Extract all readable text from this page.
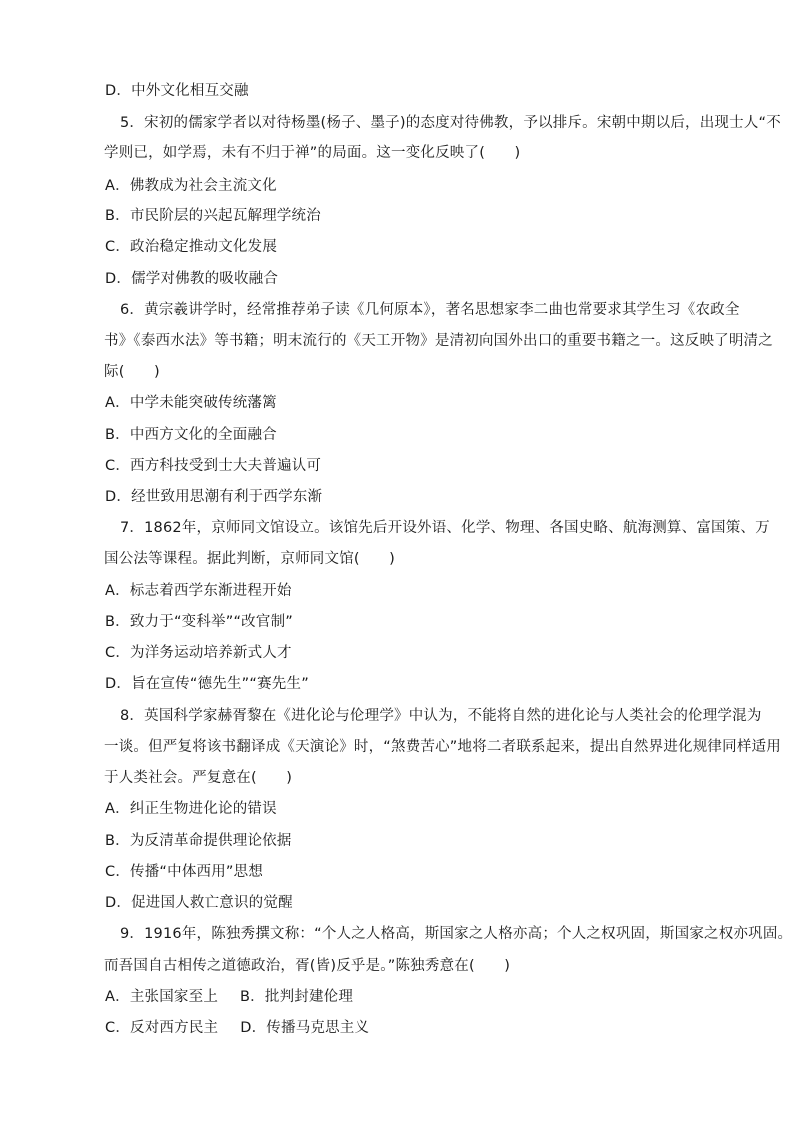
D．中外文化相互交融
5．宋初的儒家学者以对待杨墨(杨子、墨子)的态度对待佛教，予以排斥。宋朝中期以后，出现士人“不
学则已，如学焉，未有不归于禅”的局面。这一变化反映了(　　)
A．佛教成为社会主流文化
B．市民阶层的兴起瓦解理学统治
C．政治稳定推动文化发展
D．儒学对佛教的吸收融合
6．黄宗羲讲学时，经常推荐弟子读《几何原本》，著名思想家李二曲也常要求其学生习《农政全
书》《泰西水法》等书籍；明末流行的《天工开物》是清初向国外出口的重要书籍之一。这反映了明清之
际(　　)
A．中学未能突破传统藩篱
B．中西方文化的全面融合
C．西方科技受到士大夫普遍认可
D．经世致用思潮有利于西学东渐
7．1862年，京师同文馆设立。该馆先后开设外语、化学、物理、各国史略、航海测算、富国策、万
国公法等课程。据此判断，京师同文馆(　　)
A．标志着西学东渐进程开始
B．致力于“变科举”“改官制”
C．为洋务运动培养新式人才
D．旨在宣传“德先生”“赛先生”
8．英国科学家赫胥黎在《进化论与伦理学》中认为，不能将自然的进化论与人类社会的伦理学混为
一谈。但严复将该书翻译成《天演论》时，“煞费苦心”地将二者联系起来，提出自然界进化规律同样适用
于人类社会。严复意在(　　)
A．纠正生物进化论的错误
B．为反清革命提供理论依据
C．传播“中体西用”思想
D．促进国人救亡意识的觉醒
9．1916年，陈独秀撰文称：“个人之人格高，斯国家之人格亦高；个人之权巩固，斯国家之权亦巩固。
而吾国自古相传之道德政治，胥(皆)反乎是。”陈独秀意在(　　)
A．主张国家至上 B．批判封建伦理
C．反对西方民主 D．传播马克思主义
